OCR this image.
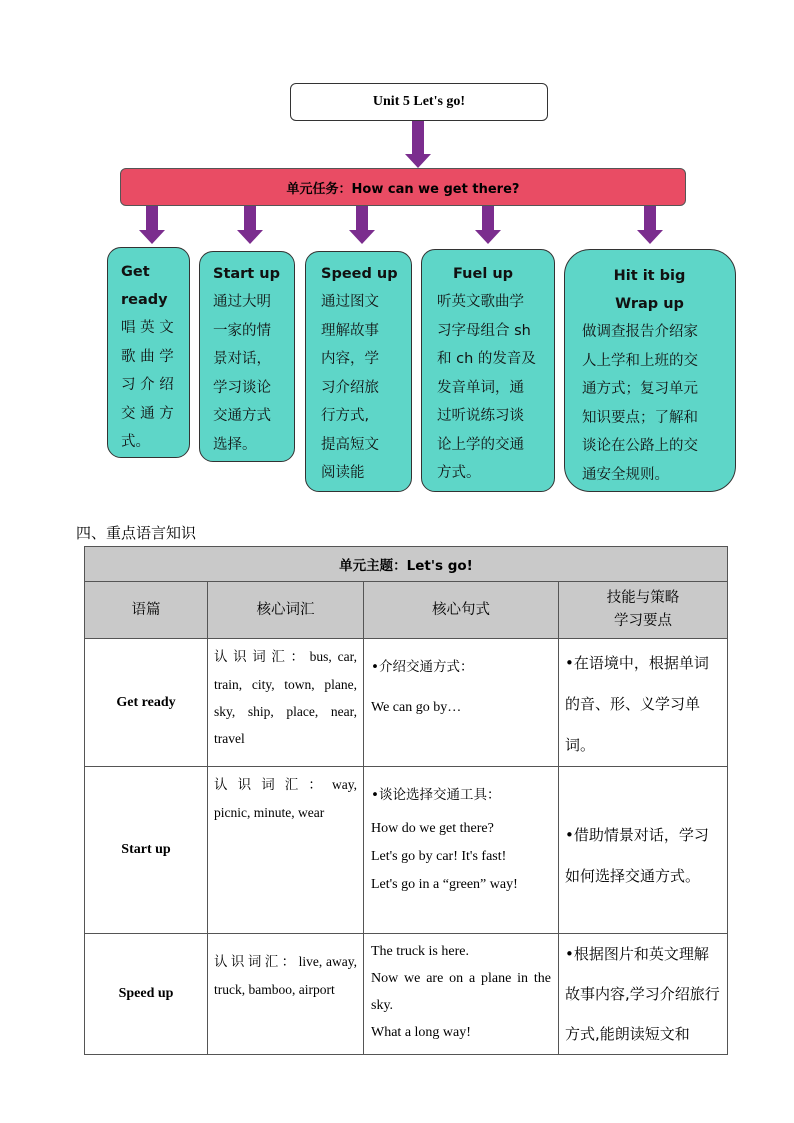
Unit 5 Let's go!
单元任务：How can we get there?
Get
ready
唱 英 文
歌 曲 学
习 介 绍
交 通 方
式。
Start up
通过大明
一家的情
景对话，
学习谈论
交通方式
选择。
Speed up
通过图文
理解故事
内容，学
习介绍旅
行方式,
提高短文
阅读能
Fuel up
听英文歌曲学
习字母组合 sh
和 ch 的发音及
发音单词，通
过听说练习谈
论上学的交通
方式。
Hit it big
Wrap up
做调查报告介绍家
人上学和上班的交
通方式；复习单元
知识要点；了解和
谈论在公路上的交
通安全规则。
四、重点语言知识
单元主题：Let's go!			
语篇	核心词汇	核心句式	技能与策略
学习要点

Get ready	认识词汇：bus, car, train, city, town, plane, sky, ship, place, near, travel	•介绍交通方式：
We can go by…	•在语境中，根据单词的音、形、义学习单词。
Start up	认识词汇：way, picnic, minute, wear	•谈论选择交通工具：
How do we get there?
Let's go by car! It's fast!
Let's go in a “green” way!	•借助情景对话，学习如何选择交通方式。
Speed up	认识词汇：live, away, truck, bamboo, airport	The truck is here.
Now we are on a plane in the sky.
What a long way!	•根据图片和英文理解故事内容,学习介绍旅行方式,能朗读短文和
